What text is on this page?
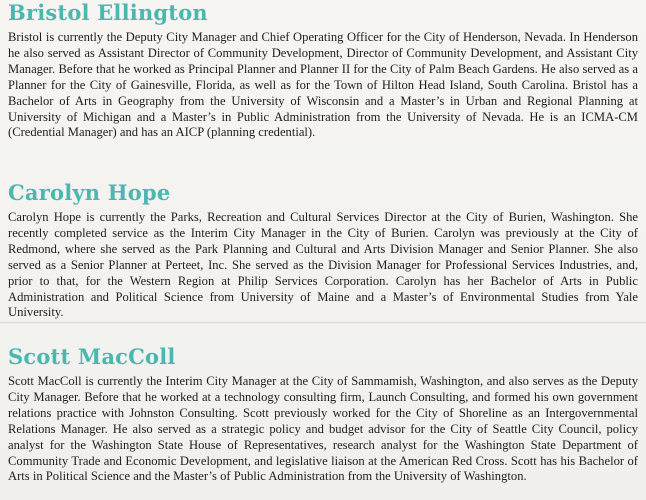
Bristol Ellington

Bristol is currently the Deputy City Manager and Chief Operating Officer for the City of Henderson, Nevada. In Henderson he also served as Assistant Director of Community Development, Director of Community Development, and Assistant City Manager. Before that he worked as Principal Planner and Planner II for the City of Palm Beach Gardens. He also served as a Planner for the City of Gainesville, Florida, as well as for the Town of Hilton Head Island, South Carolina. Bristol has a Bachelor of Arts in Geography from the University of Wisconsin and a Master’s in Urban and Regional Planning at University of Michigan and a Master’s in Public Administration from the University of Nevada. He is an ICMA-CM (Credential Manager) and has an AICP (planning credential).

Carolyn Hope

Carolyn Hope is currently the Parks, Recreation and Cultural Services Director at the City of Burien, Washington. She recently completed service as the Interim City Manager in the City of Burien. Carolyn was previously at the City of Redmond, where she served as the Park Planning and Cultural and Arts Division Manager and Senior Planner. She also served as a Senior Planner at Perteet, Inc. She served as the Division Manager for Professional Services Industries, and, prior to that, for the Western Region at Philip Services Corporation. Carolyn has her Bachelor of Arts in Public Administration and Political Science from University of Maine and a Master’s of Environmental Studies from Yale University.

Scott MacColl

Scott MacColl is currently the Interim City Manager at the City of Sammamish, Washington, and also serves as the Deputy City Manager. Before that he worked at a technology consulting firm, Launch Consulting, and formed his own government relations practice with Johnston Consulting. Scott previously worked for the City of Shoreline as an Intergovernmental Relations Manager. He also served as a strategic policy and budget advisor for the City of Seattle City Council, policy analyst for the Washington State House of Representatives, research analyst for the Washington State Department of Community Trade and Economic Development, and legislative liaison at the American Red Cross. Scott has his Bachelor of Arts in Political Science and the Master’s of Public Administration from the University of Washington.
